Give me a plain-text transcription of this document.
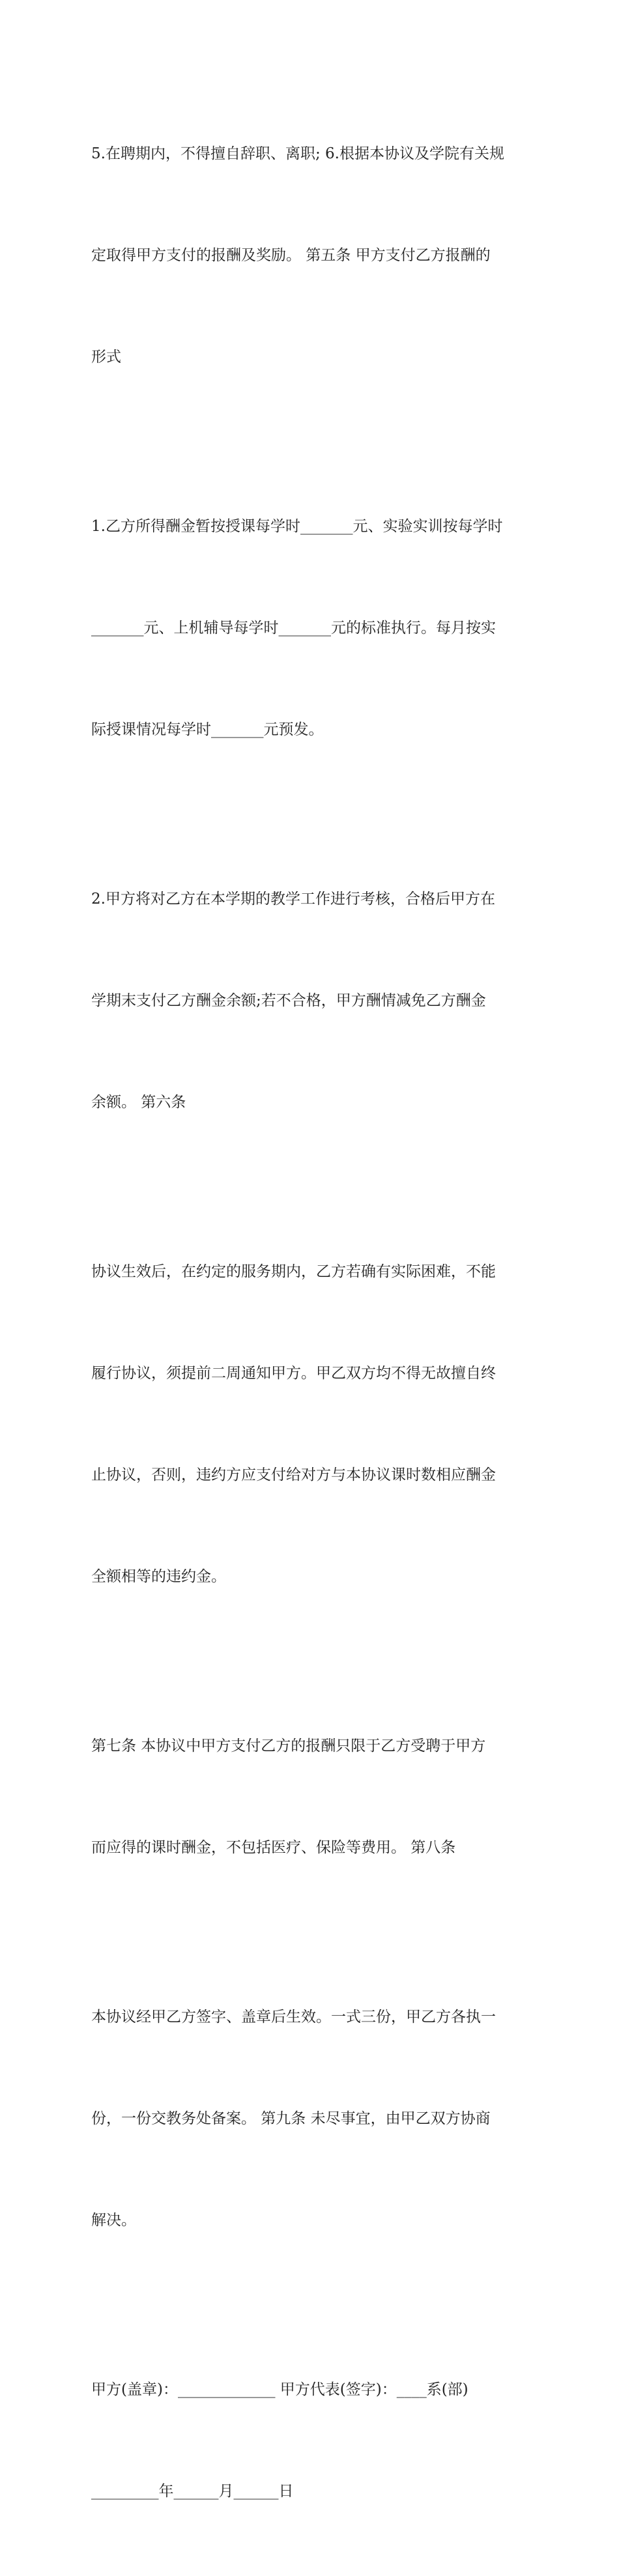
5.在聘期内，不得擅自辞职、离职; 6.根据本协议及学院有关规

定取得甲方支付的报酬及奖励。 第五条 甲方支付乙方报酬的

形式

1.乙方所得酬金暂按授课每学时_______元、实验实训按每学时

_______元、上机辅导每学时_______元的标准执行。每月按实

际授课情况每学时_______元预发。

2.甲方将对乙方在本学期的教学工作进行考核，合格后甲方在

学期末支付乙方酬金余额;若不合格，甲方酬情减免乙方酬金

余额。 第六条

协议生效后，在约定的服务期内，乙方若确有实际困难，不能

履行协议，须提前二周通知甲方。甲乙双方均不得无故擅自终

止协议，否则，违约方应支付给对方与本协议课时数相应酬金

全额相等的违约金。

第七条 本协议中甲方支付乙方的报酬只限于乙方受聘于甲方

而应得的课时酬金，不包括医疗、保险等费用。 第八条

本协议经甲乙方签字、盖章后生效。一式三份，甲乙方各执一

份，一份交教务处备案。 第九条 未尽事宜，由甲乙双方协商

解决。

甲方(盖章)：_____________ 甲方代表(签字)：____系(部)

_________年______月______日
